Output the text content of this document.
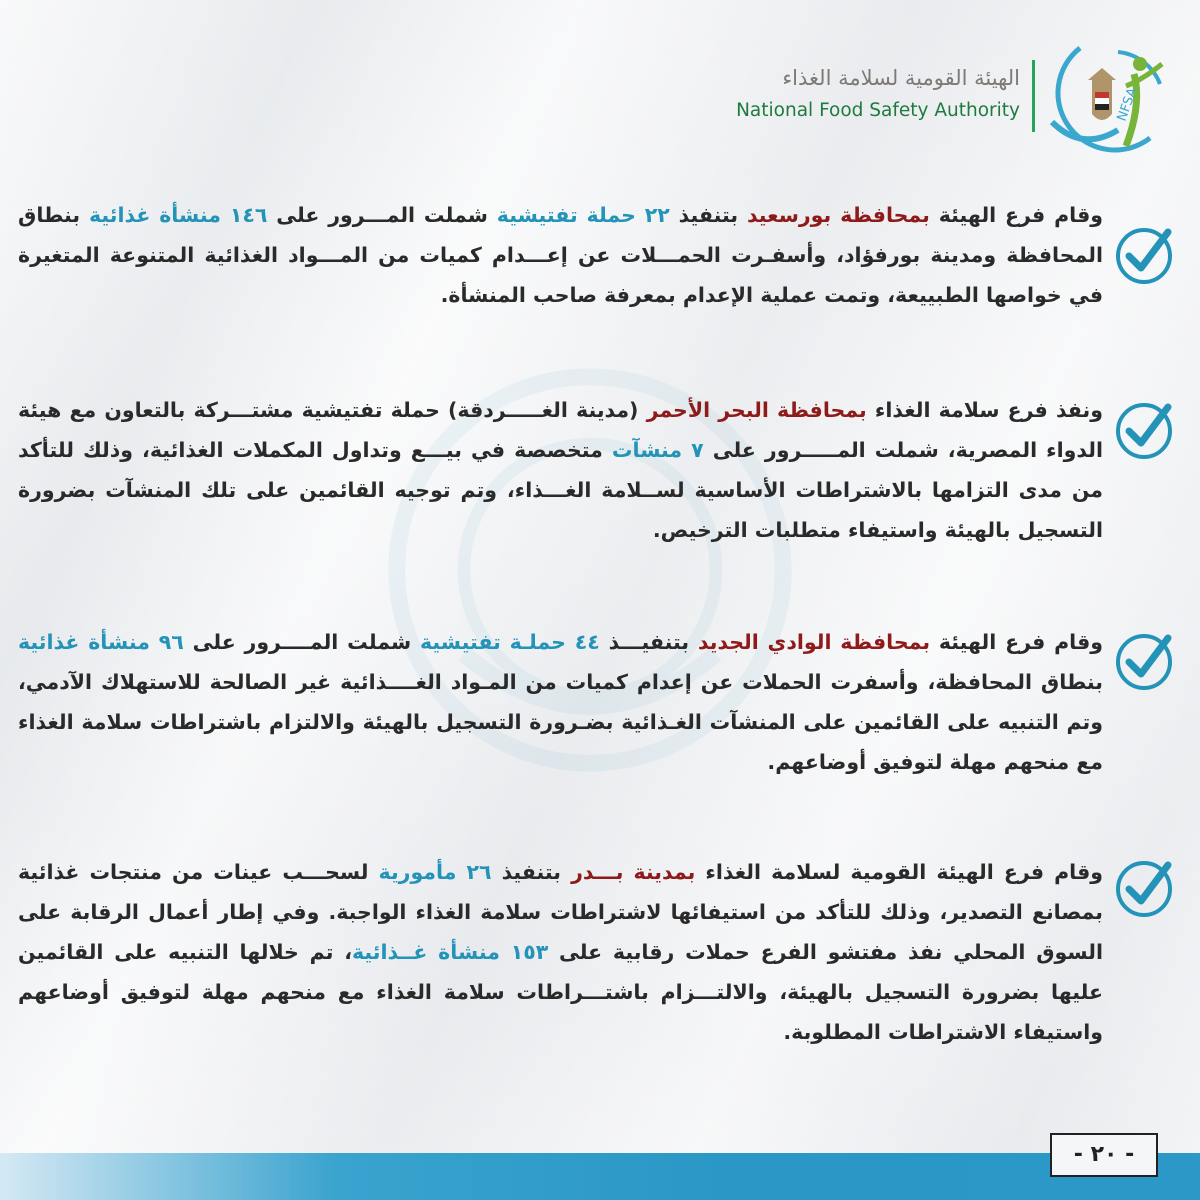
NFSA
الهيئة القومية لسلامة الغذاء
National Food Safety Authority

وقام فرع الهيئة بمحافظة بورسعيد بتنفيذ ٢٢ حملة تفتيشية شملت المـــرور على ١٤٦ منشأة غذائية بنطاق المحافظة ومدينة بورفؤاد، وأسفـرت الحمـــلات عن إعـــدام كميات من المـــواد الغذائية المتنوعة المتغيرة في خواصها الطبييعة، وتمت عملية الإعدام بمعرفة صاحب المنشأة.

ونفذ فرع سلامة الغذاء بمحافظة البحر الأحمر (مدينة الغـــــردقة) حملة تفتيشية مشتـــركة بالتعاون مع هيئة الدواء المصرية، شملت المـــــرور على ٧ منشآت متخصصة في بيـــع وتداول المكملات الغذائية، وذلك للتأكد من مدى التزامها بالاشتراطات الأساسية لســلامة الغـــذاء، وتم توجيه القائمين على تلك المنشآت بضرورة التسجيل بالهيئة واستيفاء متطلبات الترخيص.

وقام فرع الهيئة بمحافظة الوادي الجديد بتنفيـــذ ٤٤ حملـة تفتيشية شملت المــــرور على ٩٦ منشأة غذائية بنطاق المحافظة، وأسفرت الحملات عن إعدام كميات من المـواد الغــــذائية غير الصالحة للاستهلاك الآدمي، وتم التنبيه على القائمين على المنشآت الغـذائية بضـرورة التسجيل بالهيئة والالتزام باشتراطات سلامة الغذاء مع منحهم مهلة لتوفيق أوضاعهم.

وقام فرع الهيئة القومية لسلامة الغذاء بمدينة بـــدر بتنفيذ ٢٦ مأمورية لسحـــب عينات من منتجات غذائية بمصانع التصدير، وذلك للتأكد من استيفائها لاشتراطات سلامة الغذاء الواجبة. وفي إطار أعمال الرقابة على السوق المحلي نفذ مفتشو الفرع حملات رقابية على ١٥٣ منشأة غــذائية، تم خلالها التنبيه على القائمين عليها بضرورة التسجيل بالهيئة، والالتـــزام باشتـــراطات سلامة الغذاء مع منحهم مهلة لتوفيق أوضاعهم واستيفاء الاشتراطات المطلوبة.

- ٢٠ -
